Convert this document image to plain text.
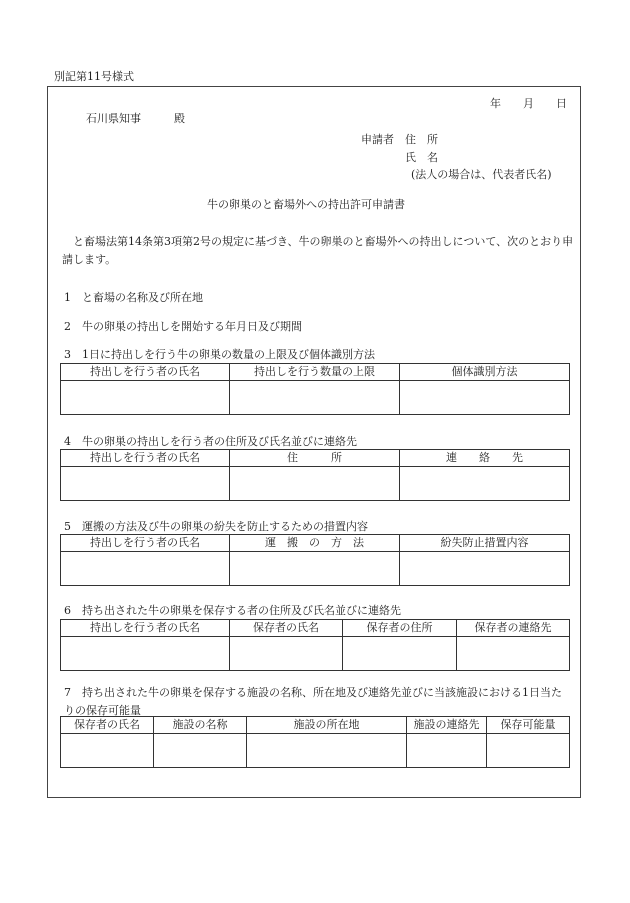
別記第11号様式
年　　月　　日
石川県知事　　　殿
申請者 住　所
氏　名
(法人の場合は、代表者氏名)
牛の卵巣のと畜場外への持出許可申請書
と畜場法第14条第3項第2号の規定に基づき、牛の卵巣のと畜場外への持出しについて、次のとおり申請します。
1　と畜場の名称及び所在地
2　牛の卵巣の持出しを開始する年月日及び期間
3　1日に持出しを行う牛の卵巣の数量の上限及び個体識別方法
持出しを行う者の氏名	持出しを行う数量の上限	個体識別方法

4　牛の卵巣の持出しを行う者の住所及び氏名並びに連絡先
持出しを行う者の氏名	住　　　所	連　　絡　　先

5　運搬の方法及び牛の卵巣の紛失を防止するための措置内容
持出しを行う者の氏名	運　搬　の　方　法	紛失防止措置内容

6　持ち出された牛の卵巣を保存する者の住所及び氏名並びに連絡先
持出しを行う者の氏名	保存者の氏名	保存者の住所	保存者の連絡先

7　持ち出された牛の卵巣を保存する施設の名称、所在地及び連絡先並びに当該施設における1日当たりの保存可能量
保存者の氏名	施設の名称	施設の所在地	施設の連絡先	保存可能量
